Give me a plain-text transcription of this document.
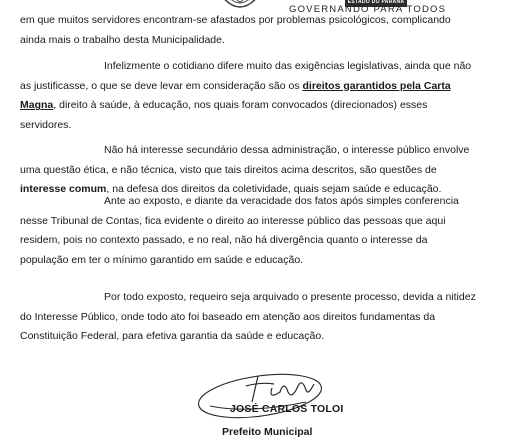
ESTADO DO PARANÁ
GOVERNANDO PARA TODOS

em que muitos servidores encontram-se afastados por problemas psicológicos, complicando
ainda mais o trabalho desta Municipalidade.

Infelizmente o cotidiano difere muito das exigências legislativas, ainda que não
as justificasse, o que se deve levar em consideração são os direitos garantidos pela Carta
Magna, direito à saúde, à educação, nos quais foram convocados (direcionados) esses
servidores.

Não há interesse secundário dessa administração, o interesse público envolve
uma questão ética, e não técnica, visto que tais direitos acima descritos, são questões de
interesse comum, na defesa dos direitos da coletividade, quais sejam saúde e educação.

Ante ao exposto, e diante da veracidade dos fatos após simples conferencia
nesse Tribunal de Contas, fica evidente o direito ao interesse público das pessoas que aqui
residem, pois no contexto passado, e no real, não há divergência quanto o interesse da
população em ter o mínimo garantido em saúde e educação.

Por todo exposto, requeiro seja arquivado o presente processo, devida a nitidez
do Interesse Público, onde todo ato foi baseado em atenção aos direitos fundamentas da
Constituição Federal, para efetiva garantia da saúde e educação.

JOSÉ CARLOS TOLOI
Prefeito Municipal
